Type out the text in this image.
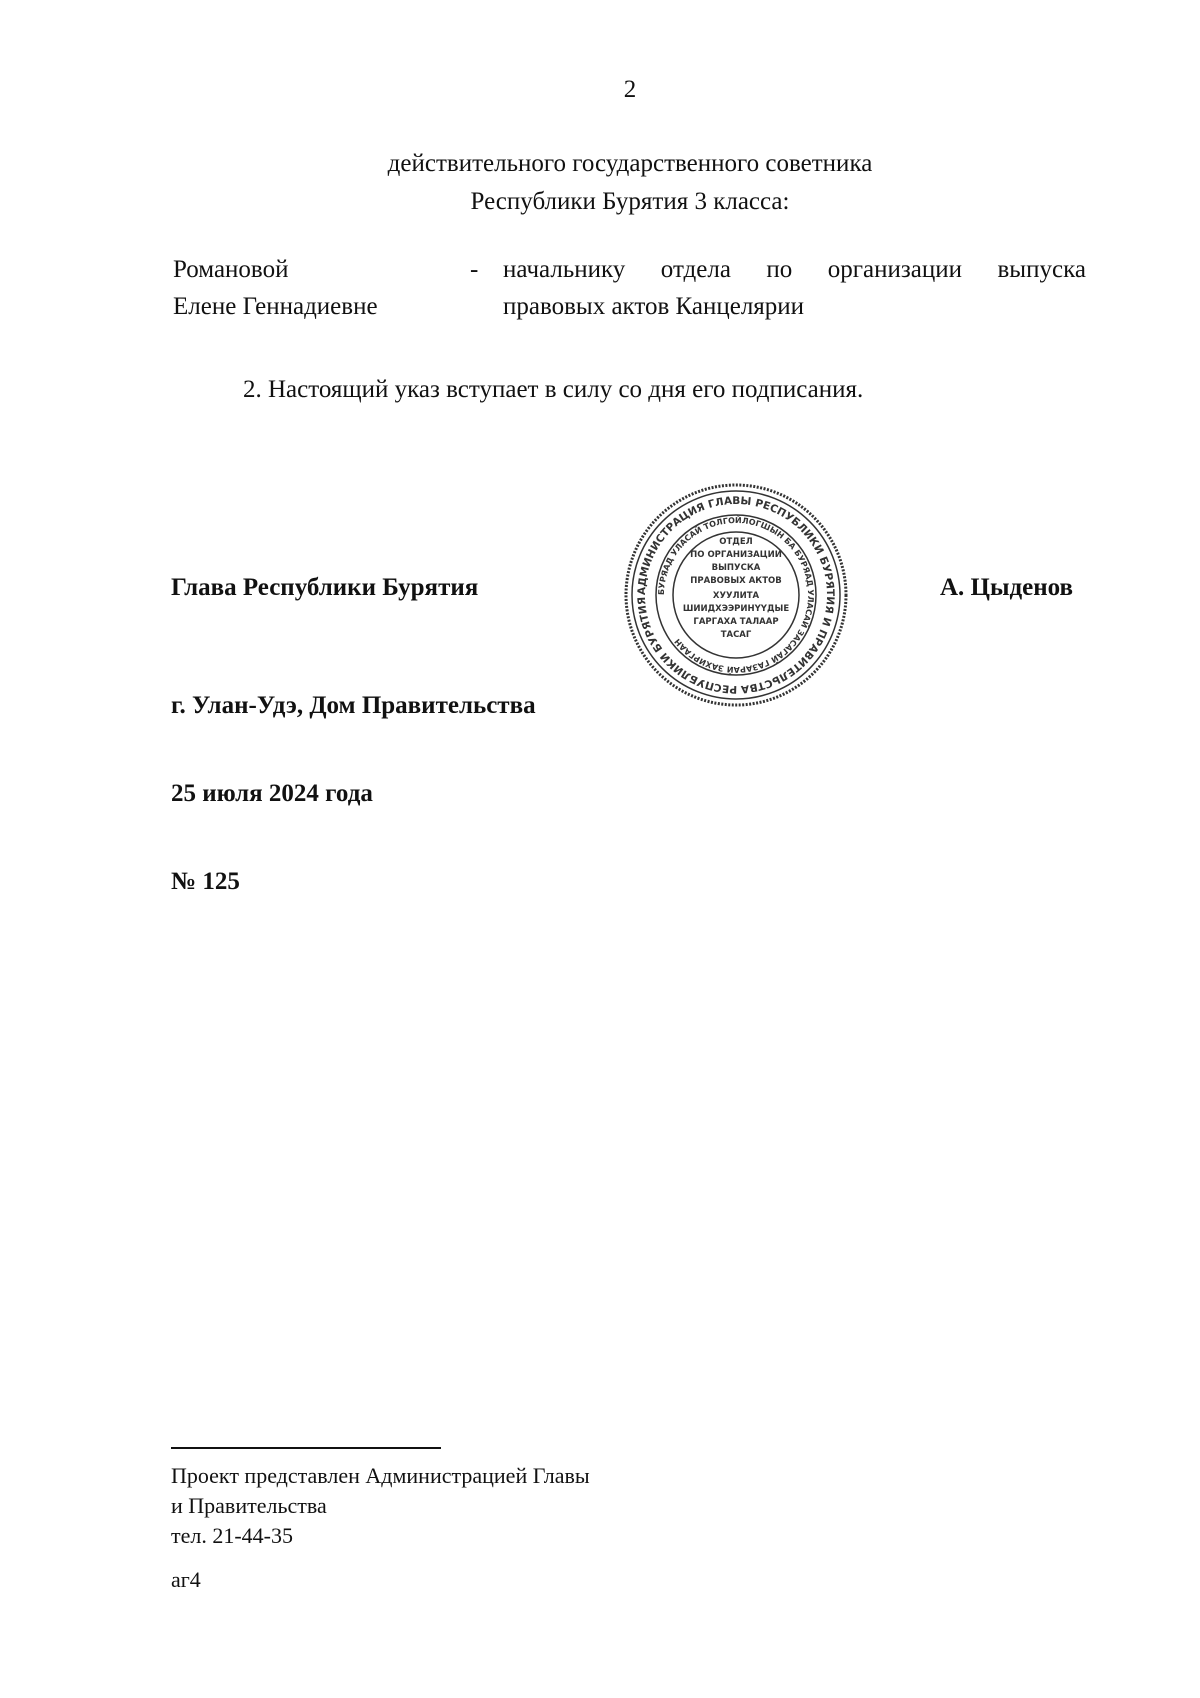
2
действительного государственного советника
Республики Бурятия 3 класса:
Романовой
Елене Геннадиевне
- начальнику отдела по организации выпуска
правовых актов Канцелярии
2. Настоящий указ вступает в силу со дня его подписания.
Глава Республики Бурятия	А. Цыденов
АДМИНИСТРАЦИЯ ГЛАВЫ РЕСПУБЛИКИ БУРЯТИЯ И ПРАВИТЕЛЬСТВА РЕСПУБЛИКИ БУРЯТИЯ
БУРЯАД УЛАСАЙ ТОЛГОЙЛОГШЫН БА БУРЯАД УЛАСАЙ ЗАСАГАЙ ГАЗАРАЙ ЗАХИРГААН
ОТДЕЛ
ПО ОРГАНИЗАЦИИ
ВЫПУСКА
ПРАВОВЫХ АКТОВ
ХУУЛИТА
ШИИДХЭЭРИНҮҮДЫЕ
ГАРГАХА ТАЛААР
ТАСАГ
г. Улан-Удэ, Дом Правительства
25 июля 2024 года
№ 125
Проект представлен Администрацией Главы
и Правительства
тел. 21-44-35
аг4
